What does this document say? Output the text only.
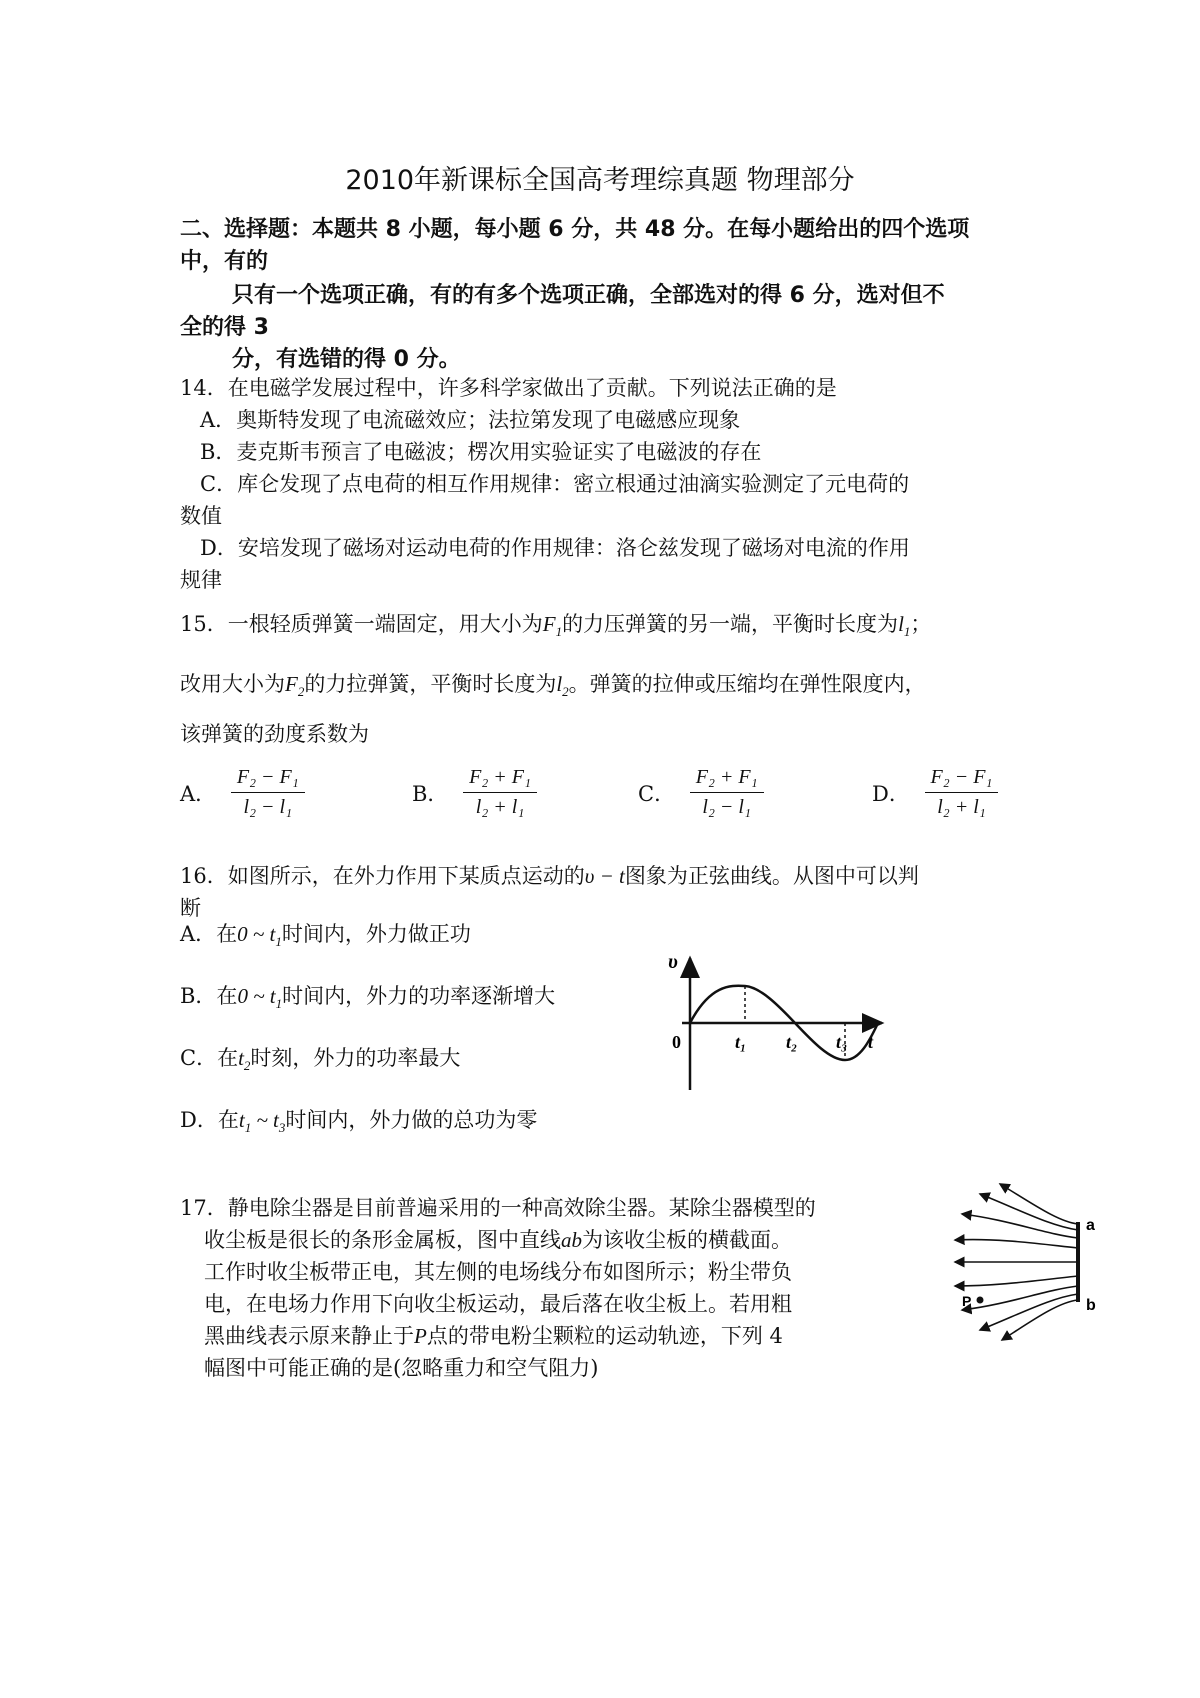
2010年新课标全国高考理综真题 物理部分
二、选择题：本题共 8 小题，每小题 6 分，共 48 分。在每小题给出的四个选项
中，有的
只有一个选项正确，有的有多个选项正确，全部选对的得 6 分，选对但不
全的得 3
分，有选错的得 0 分。
14．在电磁学发展过程中，许多科学家做出了贡献。下列说法正确的是
A．奥斯特发现了电流磁效应；法拉第发现了电磁感应现象
B．麦克斯韦预言了电磁波；楞次用实验证实了电磁波的存在
C．库仑发现了点电荷的相互作用规律：密立根通过油滴实验测定了元电荷的
数值
D．安培发现了磁场对运动电荷的作用规律：洛仑兹发现了磁场对电流的作用
规律
15．一根轻质弹簧一端固定，用大小为$F_1$的力压弹簧的另一端，平衡时长度为$l_1$；
改用大小为$F_2$的力拉弹簧，平衡时长度为$l_2$。弹簧的拉伸或压缩均在弹性限度内，
该弹簧的劲度系数为
A． $\frac{\text{F₂ − F₁}}{\text{l₂ − l₁}}$	B． $\frac{\text{F₂ + F₁}}{\text{l₂ + l₁}}$	C． $\frac{\text{F₂ + F₁}}{\text{l₂ − l₁}}$	D． $\frac{\text{F₂ − F₁}}{\text{l₂ + l₁}}$
16．如图所示，在外力作用下某质点运动的υ − t图象为正弦曲线。从图中可以判
断
A．在0 ~ $t_1$时间内，外力做正功
B．在0 ~ $t_1$时间内，外力的功率逐渐增大
C．在$t_2$时刻，外力的功率最大
D．在$t_1$ ~ $t_3$时间内，外力做的总功为零
υ
0	t₁ t₂ t₃ t
17．静电除尘器是目前普遍采用的一种高效除尘器。某除尘器模型的
收尘板是很长的条形金属板，图中直线ab为该收尘板的横截面。
工作时收尘板带正电，其左侧的电场线分布如图所示；粉尘带负
电，在电场力作用下向收尘板运动，最后落在收尘板上。若用粗
黑曲线表示原来静止于P点的带电粉尘颗粒的运动轨迹，下列 4
幅图中可能正确的是(忽略重力和空气阻力)
P
a
b
